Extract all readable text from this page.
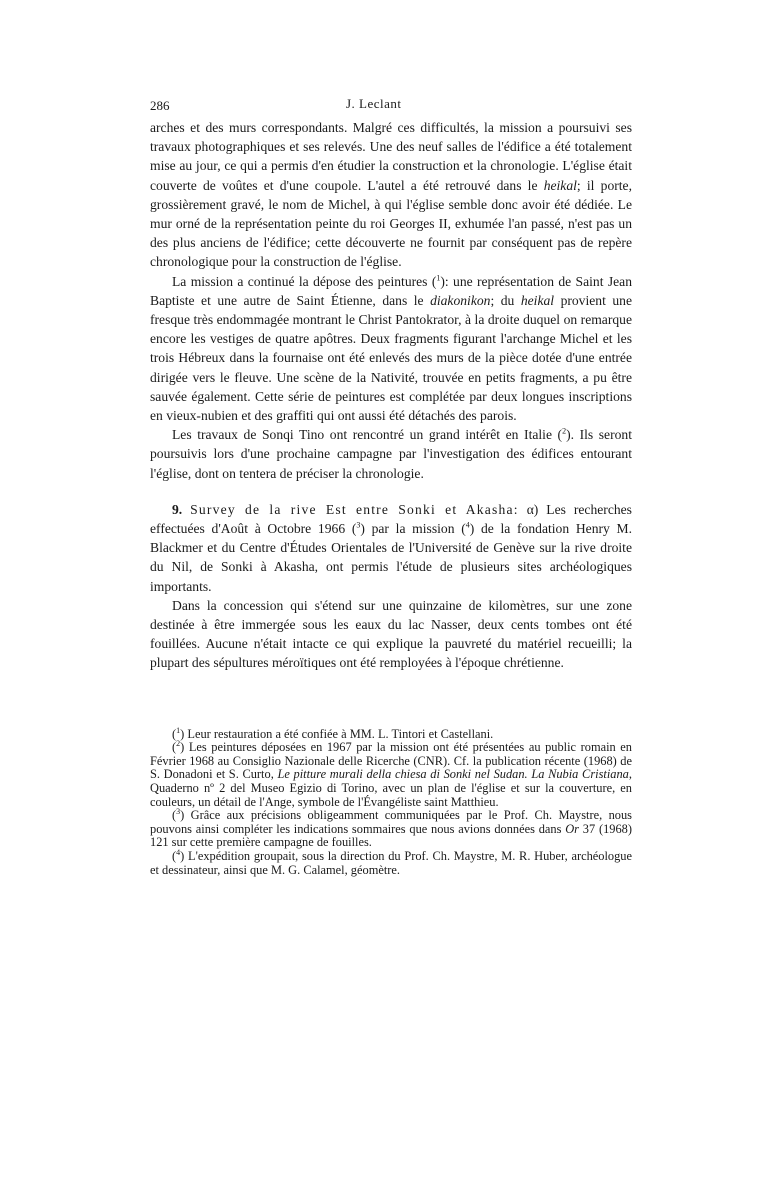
286	J. Leclant

arches et des murs correspondants. Malgré ces difficultés, la mission a poursuivi ses travaux photographiques et ses relevés. Une des neuf salles de l'édifice a été totalement mise au jour, ce qui a permis d'en étudier la construction et la chronologie. L'église était couverte de voûtes et d'une coupole. L'autel a été retrouvé dans le heikal; il porte, grossièrement gravé, le nom de Michel, à qui l'église semble donc avoir été dédiée. Le mur orné de la représentation peinte du roi Georges II, exhumée l'an passé, n'est pas un des plus anciens de l'édifice; cette découverte ne fournit par conséquent pas de repère chronologique pour la construction de l'église.

La mission a continué la dépose des peintures ($^1$): une représentation de Saint Jean Baptiste et une autre de Saint Étienne, dans le diakonikon; du heikal provient une fresque très endommagée montrant le Christ Pantokrator, à la droite duquel on remarque encore les vestiges de quatre apôtres. Deux fragments figurant l'archange Michel et les trois Hébreux dans la fournaise ont été enlevés des murs de la pièce dotée d'une entrée dirigée vers le fleuve. Une scène de la Nativité, trouvée en petits fragments, a pu être sauvée également. Cette série de peintures est complétée par deux longues inscriptions en vieux-nubien et des graffiti qui ont aussi été détachés des parois.

Les travaux de Sonqi Tino ont rencontré un grand intérêt en Italie ($^2$). Ils seront poursuivis lors d'une prochaine campagne par l'investigation des édifices entourant l'église, dont on tentera de préciser la chronologie.

9. Survey de la rive Est entre Sonki et Akasha: α) Les recherches effectuées d'Août à Octobre 1966 ($^3$) par la mission ($^4$) de la fondation Henry M. Blackmer et du Centre d'Études Orientales de l'Université de Genève sur la rive droite du Nil, de Sonki à Akasha, ont permis l'étude de plusieurs sites archéologiques importants.

Dans la concession qui s'étend sur une quinzaine de kilomètres, sur une zone destinée à être immergée sous les eaux du lac Nasser, deux cents tombes ont été fouillées. Aucune n'était intacte ce qui explique la pauvreté du matériel recueilli; la plupart des sépultures méroïtiques ont été remployées à l'époque chrétienne.

($^1$) Leur restauration a été confiée à MM. L. Tintori et Castellani.

($^2$) Les peintures déposées en 1967 par la mission ont été présentées au public romain en Février 1968 au Consiglio Nazionale delle Ricerche (CNR). Cf. la publication récente (1968) de S. Donadoni et S. Curto, Le pitture murali della chiesa di Sonki nel Sudan. La Nubia Cristiana, Quaderno nº 2 del Museo Egizio di Torino, avec un plan de l'église et sur la couverture, en couleurs, un détail de l'Ange, symbole de l'Évangéliste saint Matthieu.

($^3$) Grâce aux précisions obligeamment communiquées par le Prof. Ch. Maystre, nous pouvons ainsi compléter les indications sommaires que nous avions données dans Or 37 (1968) 121 sur cette première campagne de fouilles.

($^4$) L'expédition groupait, sous la direction du Prof. Ch. Maystre, M. R. Huber, archéologue et dessinateur, ainsi que M. G. Calamel, géomètre.
